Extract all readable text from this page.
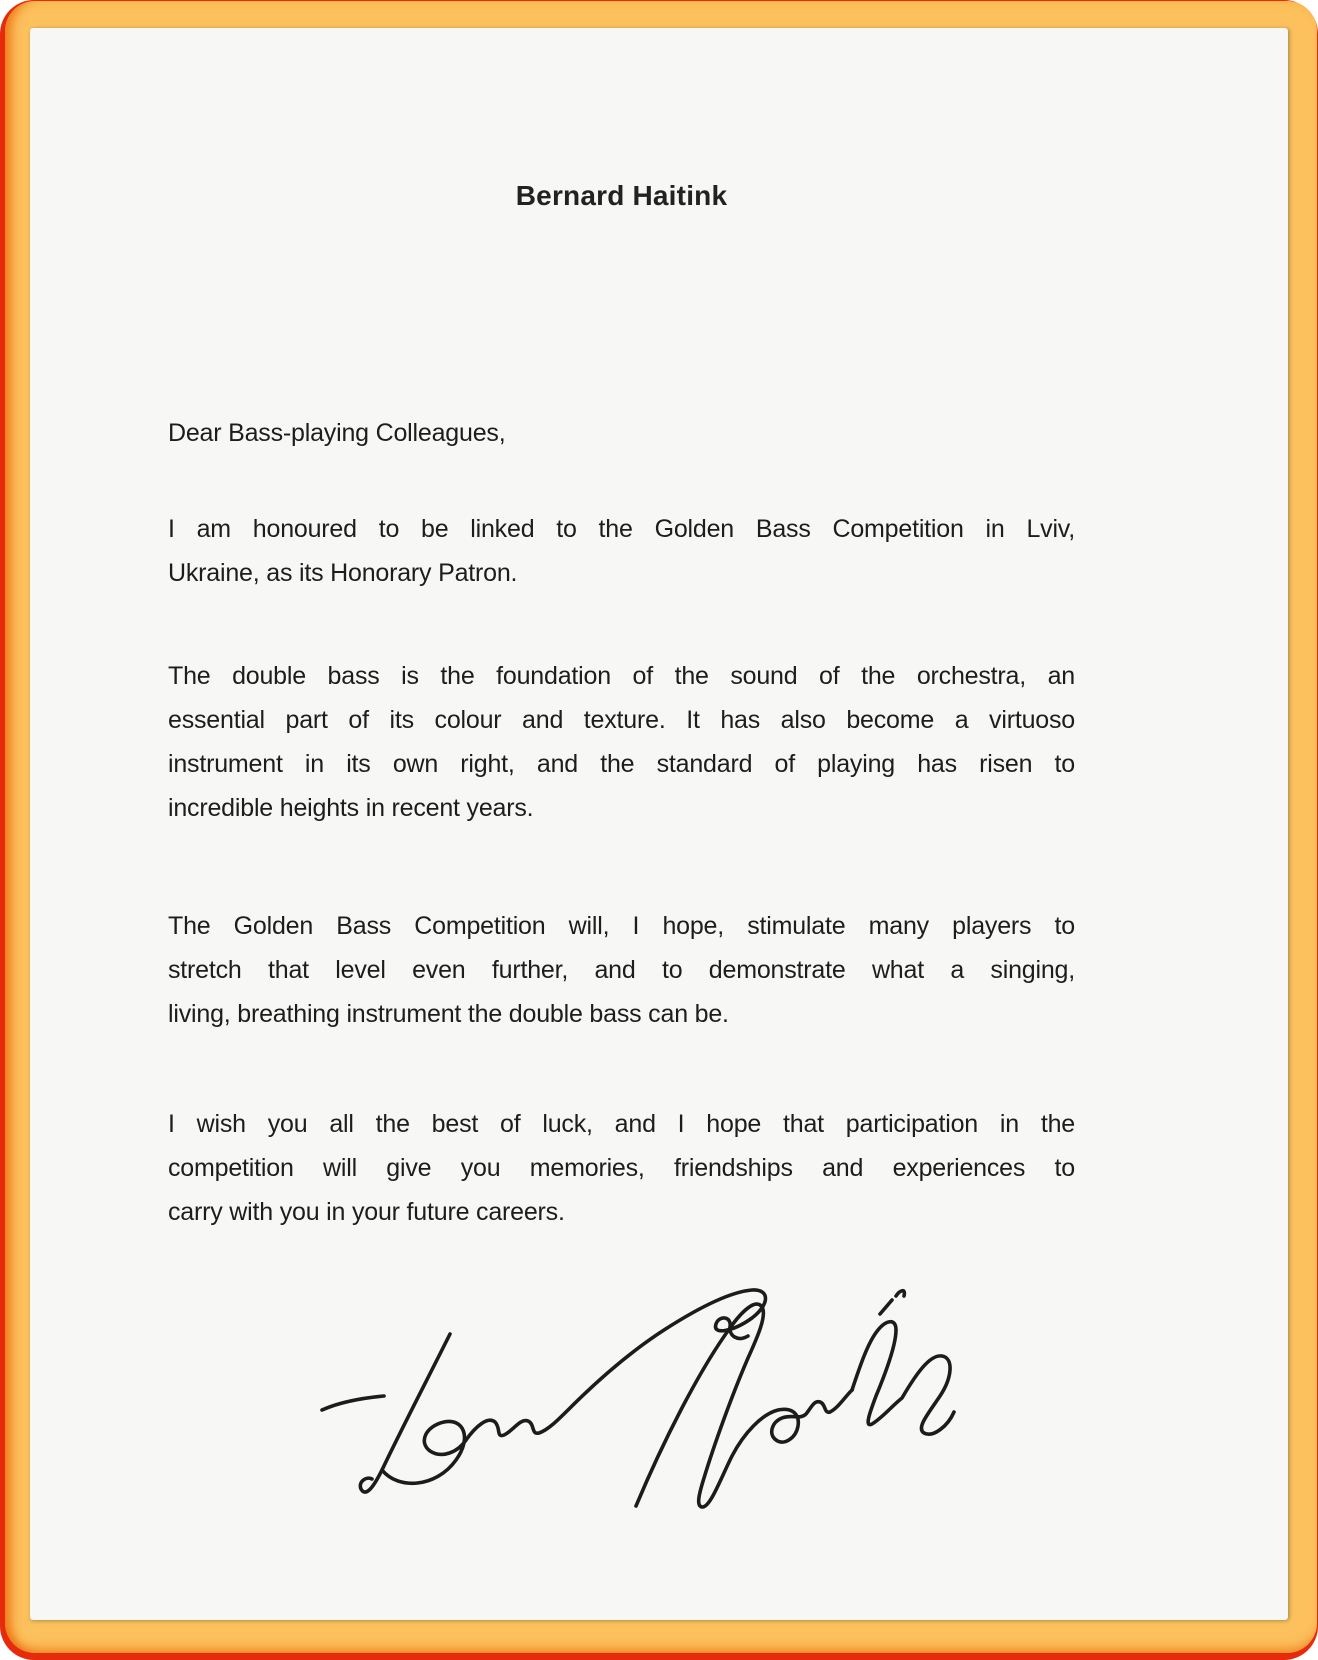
Bernard Haitink

Dear Bass-playing Colleagues,

I am honoured to be linked to the Golden Bass Competition in Lviv,
Ukraine, as its Honorary Patron.
The double bass is the foundation of the sound of the orchestra, an
essential part of its colour and texture. It has also become a virtuoso
instrument in its own right, and the standard of playing has risen to
incredible heights in recent years.
The Golden Bass Competition will, I hope, stimulate many players to
stretch that level even further, and to demonstrate what a singing,
living, breathing instrument the double bass can be.
I wish you all the best of luck, and I hope that participation in the
competition will give you memories, friendships and experiences to
carry with you in your future careers.
